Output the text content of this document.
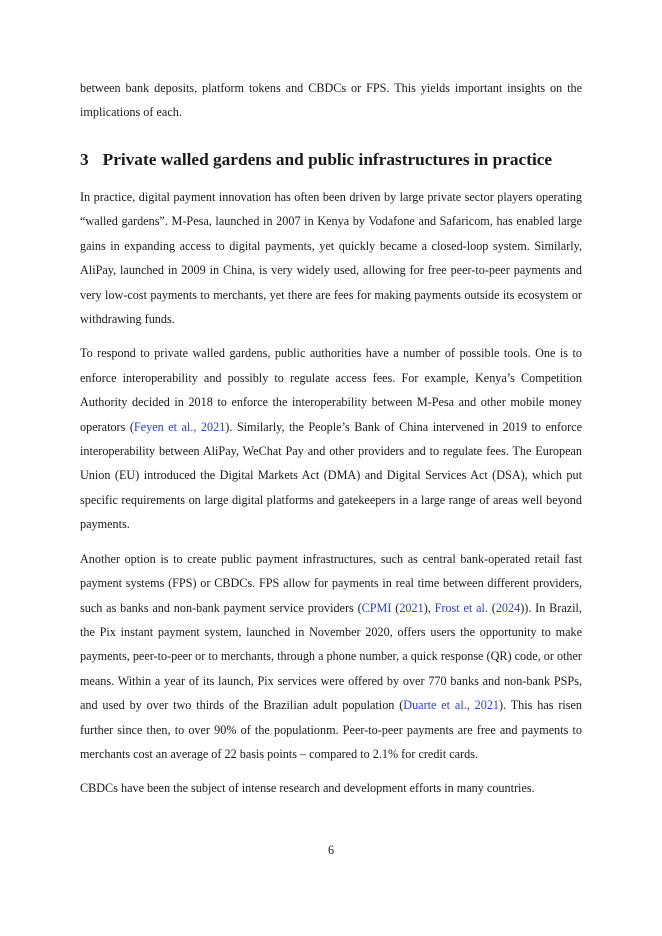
between bank deposits, platform tokens and CBDCs or FPS. This yields important insights on the implications of each.

3 Private walled gardens and public infrastructures in practice

In practice, digital payment innovation has often been driven by large private sector players operating “walled gardens”. M-Pesa, launched in 2007 in Kenya by Vodafone and Safaricom, has enabled large gains in expanding access to digital payments, yet quickly became a closed-loop system. Similarly, AliPay, launched in 2009 in China, is very widely used, allowing for free peer-to-peer payments and very low-cost payments to merchants, yet there are fees for making payments outside its ecosystem or withdrawing funds.

To respond to private walled gardens, public authorities have a number of possible tools. One is to enforce interoperability and possibly to regulate access fees. For example, Kenya’s Competition Authority decided in 2018 to enforce the interoperability between M-Pesa and other mobile money operators (Feyen et al., 2021). Similarly, the People’s Bank of China intervened in 2019 to enforce interoperability between AliPay, WeChat Pay and other providers and to regulate fees. The European Union (EU) introduced the Digital Markets Act (DMA) and Digital Services Act (DSA), which put specific requirements on large digital platforms and gatekeepers in a large range of areas well beyond payments.

Another option is to create public payment infrastructures, such as central bank-operated retail fast payment systems (FPS) or CBDCs. FPS allow for payments in real time between different providers, such as banks and non-bank payment service providers (CPMI (2021), Frost et al. (2024)). In Brazil, the Pix instant payment system, launched in November 2020, offers users the opportunity to make payments, peer-to-peer or to merchants, through a phone number, a quick response (QR) code, or other means. Within a year of its launch, Pix services were offered by over 770 banks and non-bank PSPs, and used by over two thirds of the Brazilian adult population (Duarte et al., 2021). This has risen further since then, to over 90% of the populationm. Peer-to-peer payments are free and payments to merchants cost an average of 22 basis points – compared to 2.1% for credit cards.

CBDCs have been the subject of intense research and development efforts in many countries.

6
